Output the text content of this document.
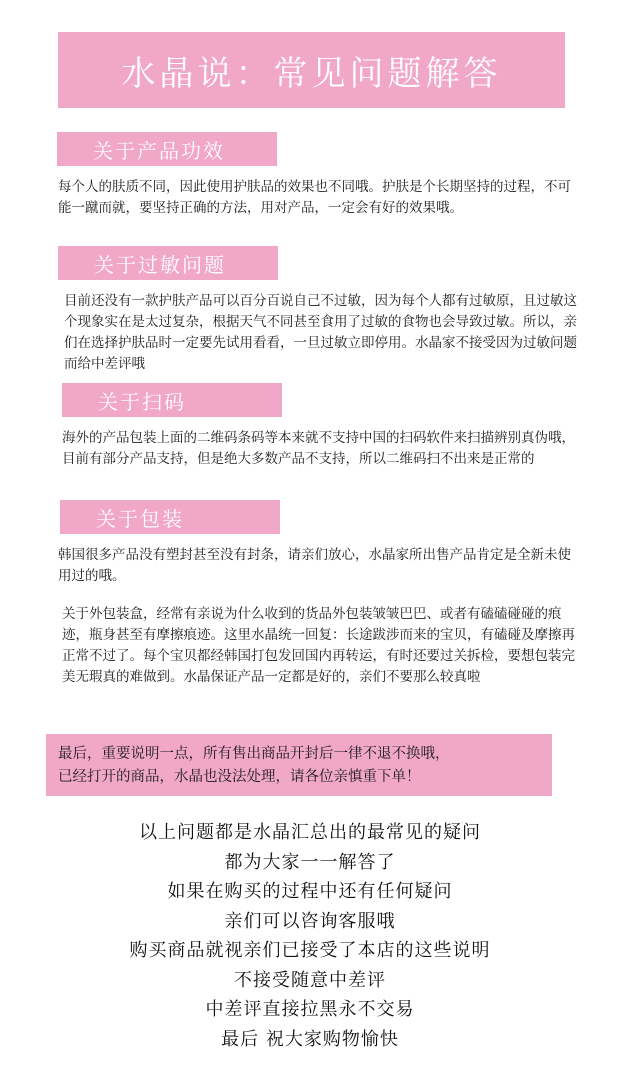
水晶说：常见问题解答
关于产品功效

每个人的肤质不同，因此使用护肤品的效果也不同哦。护肤是个长期坚持的过程，不可能一蹴而就，要坚持正确的方法，用对产品，一定会有好的效果哦。

关于过敏问题

目前还没有一款护肤产品可以百分百说自己不过敏，因为每个人都有过敏原，且过敏这个现象实在是太过复杂，根据天气不同甚至食用了过敏的食物也会导致过敏。所以，亲们在选择护肤品时一定要先试用看看，一旦过敏立即停用。水晶家不接受因为过敏问题而给中差评哦

关于扫码

海外的产品包装上面的二维码条码等本来就不支持中国的扫码软件来扫描辨别真伪哦，目前有部分产品支持，但是绝大多数产品不支持，所以二维码扫不出来是正常的

关于包装

韩国很多产品没有塑封甚至没有封条，请亲们放心，水晶家所出售产品肯定是全新未使用过的哦。

关于外包装盒，经常有亲说为什么收到的货品外包装皱皱巴巴、或者有磕磕碰碰的痕迹，瓶身甚至有摩擦痕迹。这里水晶统一回复：长途跋涉而来的宝贝，有磕碰及摩擦再正常不过了。每个宝贝都经韩国打包发回国内再转运，有时还要过关拆检，要想包装完美无瑕真的难做到。水晶保证产品一定都是好的，亲们不要那么较真啦

最后，重要说明一点，所有售出商品开封后一律不退不换哦，
已经打开的商品，水晶也没法处理，请各位亲慎重下单！
以上问题都是水晶汇总出的最常见的疑问
都为大家一一解答了
如果在购买的过程中还有任何疑问
亲们可以咨询客服哦
购买商品就视亲们已接受了本店的这些说明
不接受随意中差评
中差评直接拉黑永不交易
最后 祝大家购物愉快
